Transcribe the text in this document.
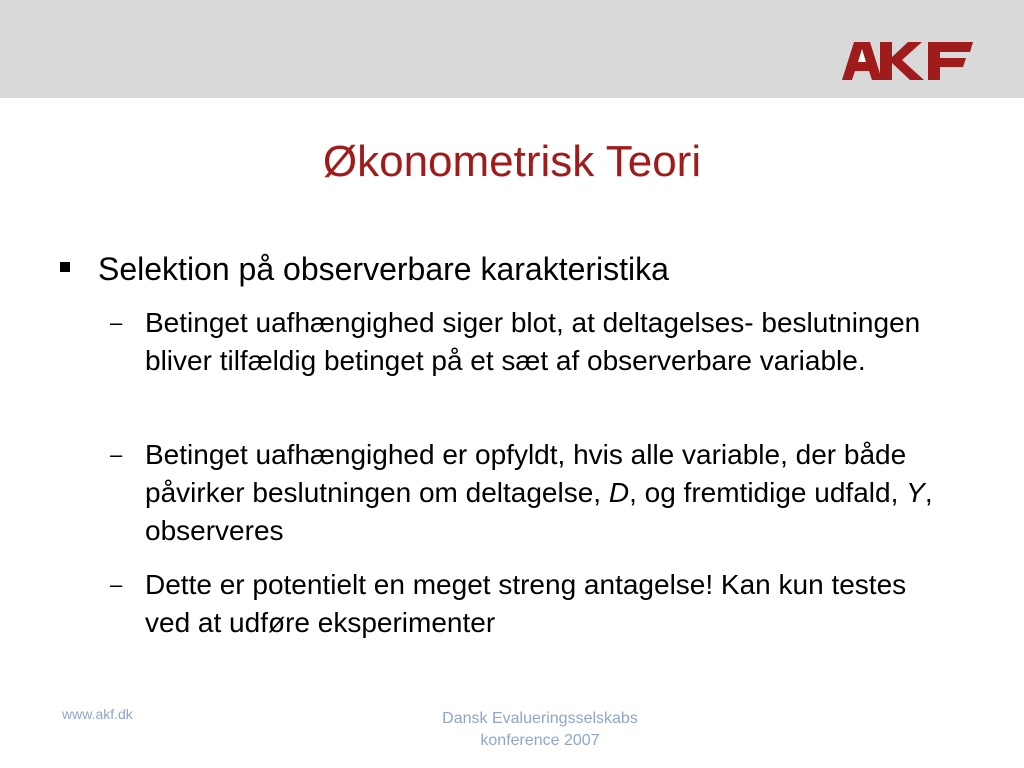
Økonometrisk Teori
Selektion på observerbare karakteristika
– Betinget uafhængighed siger blot, at deltagelses- beslutningen bliver tilfældig betinget på et sæt af observerbare variable.
– Betinget uafhængighed er opfyldt, hvis alle variable, der både påvirker beslutningen om deltagelse, D, og fremtidige udfald, Y, observeres
– Dette er potentielt en meget streng antagelse! Kan kun testes ved at udføre eksperimenter
www.akf.dk	Dansk Evalueringsselskabs
konference 2007
